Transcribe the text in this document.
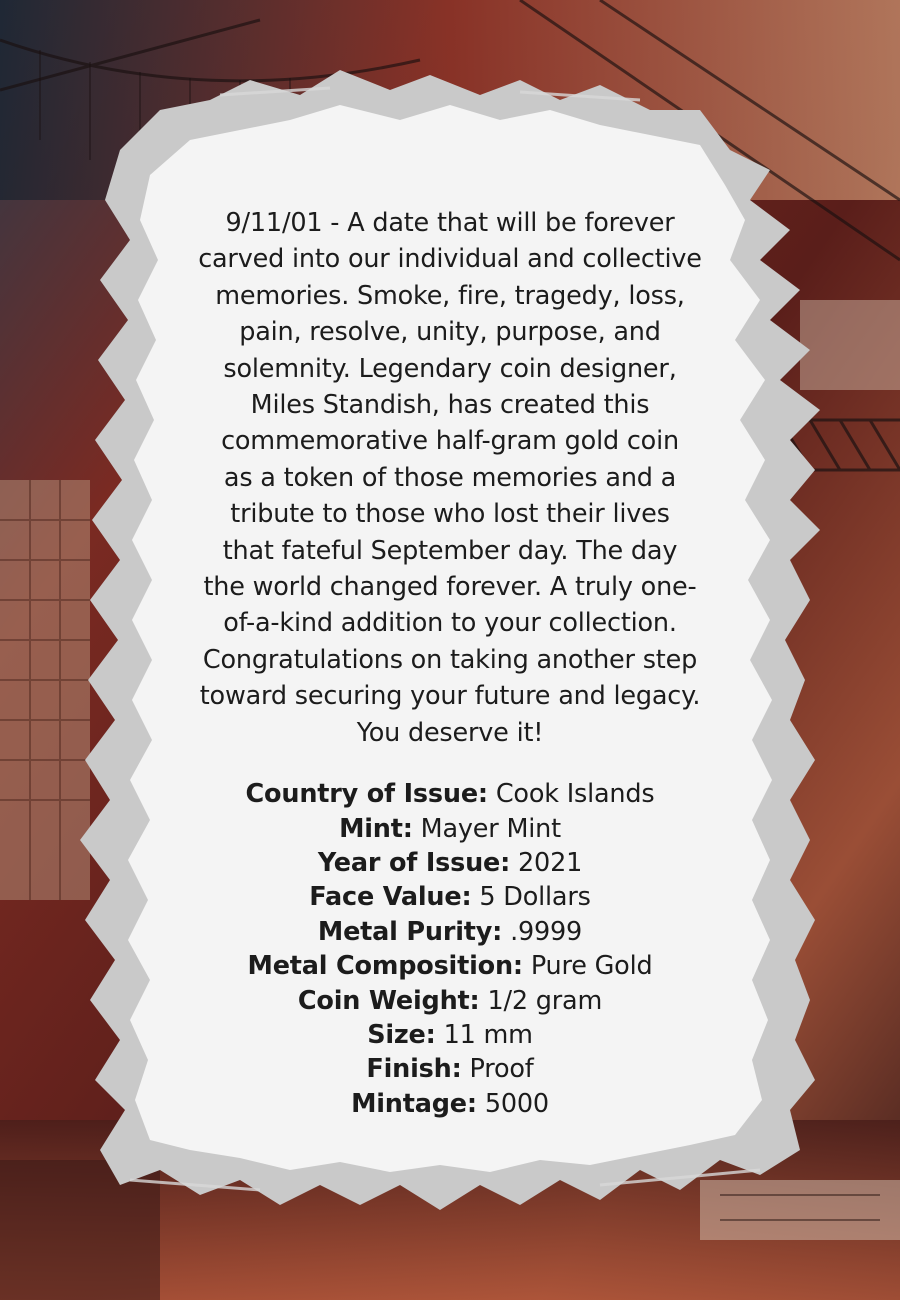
9/11/01 - A date that will be forever
carved into our individual and collective
memories. Smoke, fire, tragedy, loss,
pain, resolve, unity, purpose, and
solemnity. Legendary coin designer,
Miles Standish, has created this
commemorative half-gram gold coin
as a token of those memories and a
tribute to those who lost their lives
that fateful September day. The day
the world changed forever. A truly one-
of-a-kind addition to your collection.
Congratulations on taking another step
toward securing your future and legacy.
You deserve it!

Country of Issue: Cook Islands
Mint: Mayer Mint
Year of Issue: 2021
Face Value: 5 Dollars
Metal Purity: .9999
Metal Composition: Pure Gold
Coin Weight: 1/2 gram
Size: 11 mm
Finish: Proof
Mintage: 5000
